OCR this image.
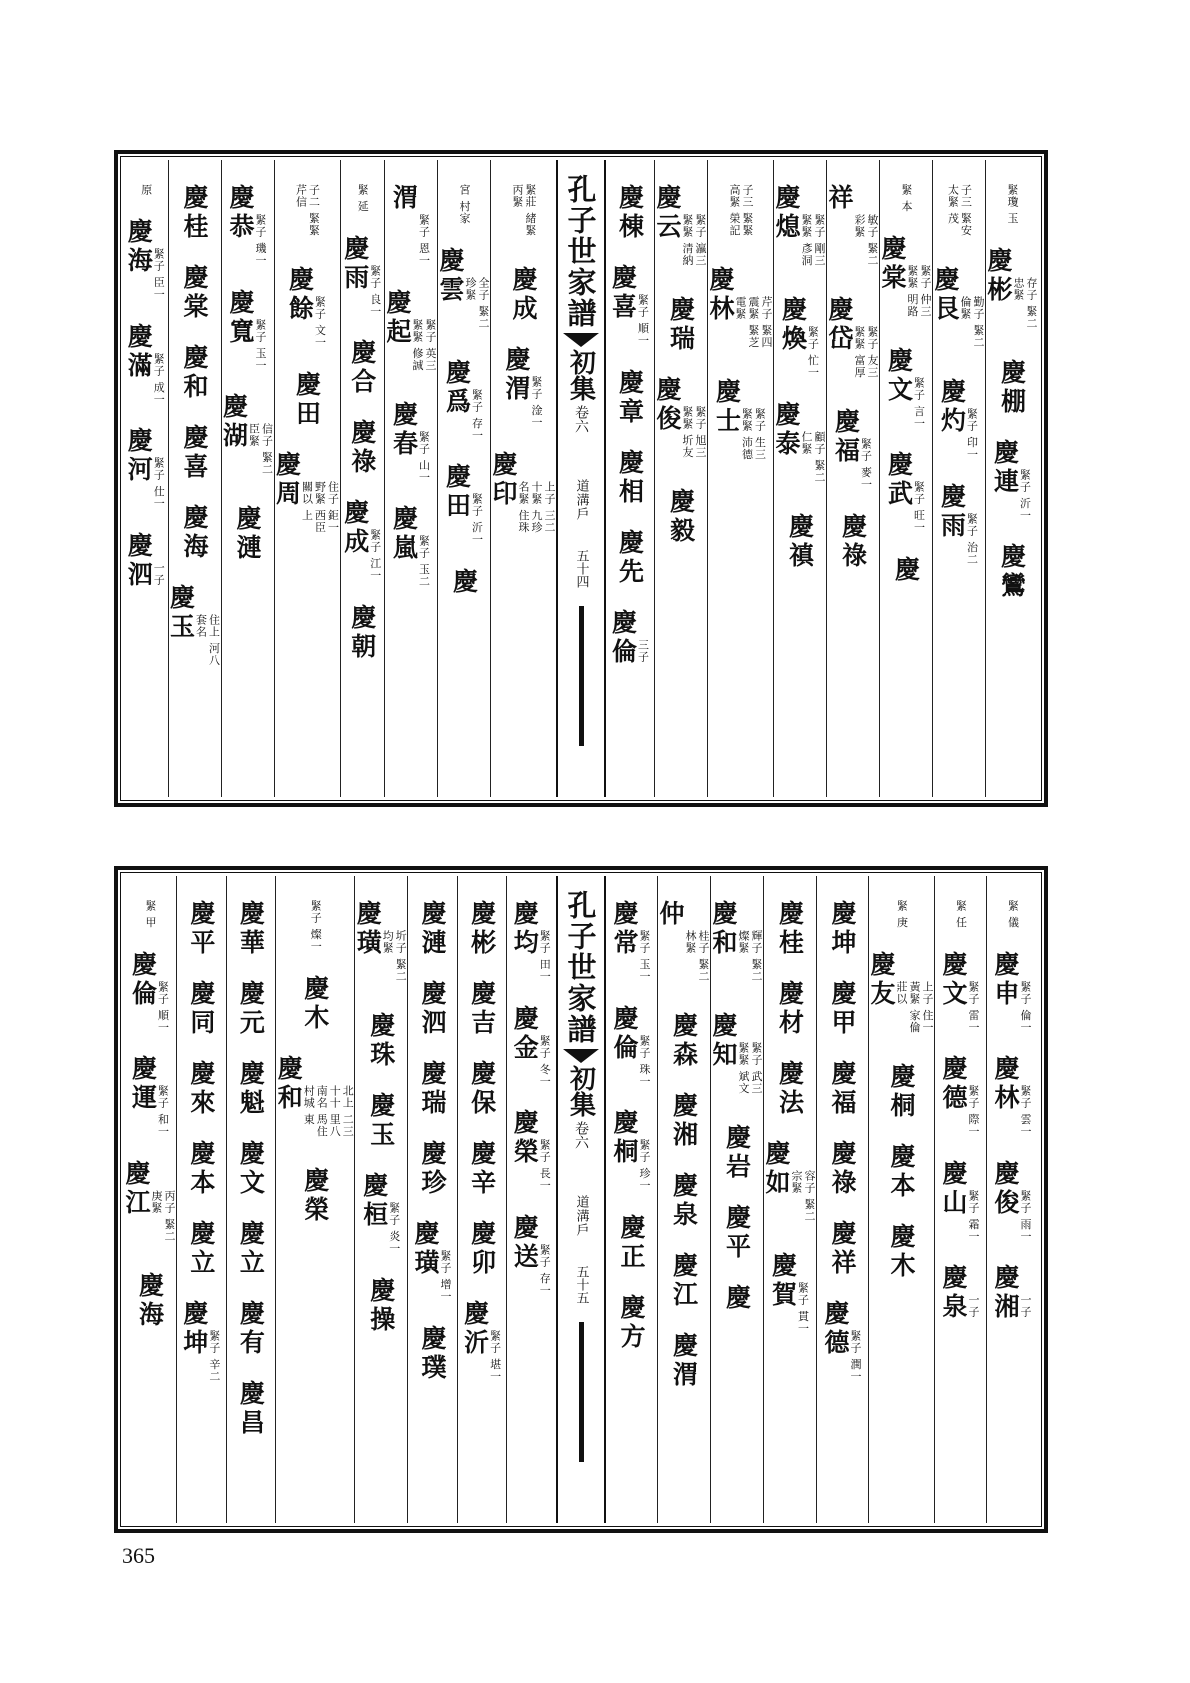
緊瓊 玉
慶彬	存子 緊二 忠緊
慶棚
慶連 緊子 沂一
慶鸞
子三 緊安 太緊 茂
慶艮	勤子 緊二 倫緊
慶灼 緊子 印一
慶雨 緊子 治二
緊 本
慶棠	緊子 仲三 緊緊 明路
慶文 緊子 言一
慶武 緊子 旺一
慶
祥
敏子 緊二 彩緊
慶岱	緊子 友三 緊緊 富厚
慶福 緊子 麥一
慶祿
慶熄	緊子 剛三 緊緊 彥洞
慶煥 緊子 忙一
慶泰	顧子 緊二 仁緊
慶禛
子三 緊緊 高緊 榮記
慶林	芹子 緊四 震緊 緊芝 電緊
慶士	緊子 生三 緊緊 沛德
慶云	緊子 瀛三 緊緊 清納
慶瑞
慶俊	緊子 旭三 緊緊 圻友
慶毅
慶棟
慶喜 緊子 順一
慶章
慶相
慶先
慶倫 三子
孔子世家譜
初集
卷六
道溝戶
五十四
緊莊 緒緊 丙緊
慶成
慶渭 緊子 淦一
慶印	上子 三二 十緊 九珍 名緊 住珠
宮 村家
慶雲	全子 緊二 珍緊
慶爲 緊子 存一
慶田 緊子 沂一
慶
渭
緊子 恩一
慶起	緊子 英三 緊緊 修誠
慶春 緊子 山一
慶嵐 緊子 玉二
緊 延
慶雨 緊子 良一
慶合
慶祿
慶成 緊子 江一
慶朝
子二 緊緊 芹信
慶餘 緊子 文一
慶田
慶周	住子 鉅一 野緊 西臣 關以 上
慶恭 緊子 璣一
慶寬 緊子 玉一
慶湖	信子 緊二 臣緊
慶漣
慶桂
慶棠
慶和
慶喜
慶海
慶玉	住上 河八 套名
原
慶海 緊子 臣一
慶滿 緊子 成一
慶河 緊子 仕一
慶泗 一子
緊 儀
慶申 緊子 倫一
慶林 緊子 雲一
慶俊 緊子 雨一
慶湘 一子
緊 任
慶文 緊子 雷一
慶德 緊子 際一
慶山 緊子 霜一
慶泉 一子
緊 庚
慶友	上子 住一 黃緊 家倫 莊以
慶桐
慶本
慶木
慶坤
慶甲
慶福
慶祿
慶祥
慶德 緊子 潤一
慶桂
慶材
慶法
慶如	容子 緊二 宗緊
慶賀 緊子 貫一
慶和	輝子 緊二 燦緊
慶知	緊子 武三 緊緊 斌文
慶岩
慶平
慶
仲
桂子 緊二 林緊
慶森
慶湘
慶泉
慶江
慶渭
慶常 緊子 玉一
慶倫 緊子 珠一
慶桐 緊子 珍一
慶正
慶方
孔子世家譜
初集
卷六
道溝戶
五十五
慶均 緊子 田一
慶金 緊子 冬一
慶榮 緊子 長一
慶送 緊子 存一
慶彬
慶吉
慶保
慶辛
慶卯
慶沂 緊子 堪一
慶漣
慶泗
慶瑞
慶珍
慶璜 緊子 增一
慶璞
慶璜	圻子 緊二 均緊
慶珠
慶玉
慶桓 緊子 炎一
慶操
緊子 燦一
慶木
慶和	北上 二三 十十 里八 南名 馬住 村城 東
慶榮
慶華
慶元
慶魁
慶文
慶立
慶有
慶昌
慶平
慶同
慶來
慶本
慶立
慶坤 緊子 辛二
緊 甲
慶倫 緊子 順一
慶運 緊子 和一
慶江	丙子 緊二 庚緊
慶海
365
